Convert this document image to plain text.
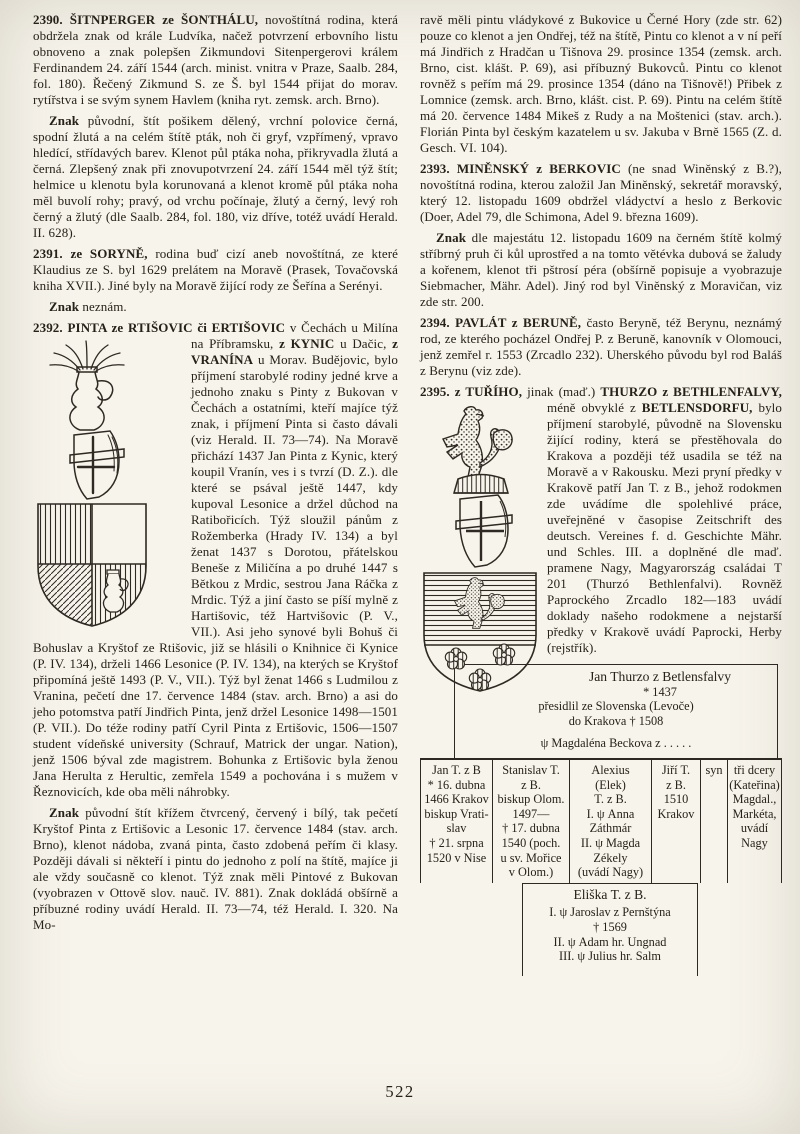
2390. ŠITNPERGER ze ŠONTHÁLU, novoštítná rodina, která obdržela znak od krále Ludvíka, načež potvrzení erbovního listu obnoveno a znak polepšen Zikmundovi Sitenpergerovi králem Ferdinandem 24. září 1544 (arch. minist. vnitra v Praze, Saalb. 284, fol. 180). Řečený Zikmund S. ze Š. byl 1544 přijat do morav. rytířstva i se svým synem Havlem (kniha ryt. zemsk. arch. Brno).

Znak původní, štít pošikem dělený, vrchní polovice černá, spodní žlutá a na celém štítě pták, noh či gryf, vzpřímený, vpravo hledící, střídavých barev. Klenot půl ptáka noha, přikryvadla žlutá a černá. Zlepšený znak při znovupotvrzení 24. září 1544 měl týž štít; helmice u klenotu byla korunovaná a klenot kromě půl ptáka noha měl buvolí rohy; pravý, od vrchu počínaje, žlutý a černý, levý roh černý a žlutý (dle Saalb. 284, fol. 180, viz dříve, totéž uvádí Herald. II. 628).

2391. ze SORYNĚ, rodina buď cizí aneb novoštítná, ze které Klaudius ze S. byl 1629 prelátem na Moravě (Prasek, Tovačovská kniha XVII.). Jiné byly na Moravě žijící rody ze Šeřína a Serényi.

Znak neznám.

2392. PINTA ze RTIŠOVIC či ERTIŠOVIC v Čechách
u Milína na Příbramsku, z KYNIC u Dačic, z VRANÍNA u Morav. Budějovic, bylo příjmení starobylé rodiny jedné krve a jednoho znaku s Pinty z Bukovan v Čechách a ostatními, kteří majíce týž znak, i příjmení Pinta si často dávali (viz Herald. II. 73—74). Na Moravě přichází 1437 Jan Pinta z Kynic, který koupil Vranín, ves i s tvrzí (D. Z.). dle které se psával ještě 1447, kdy kupoval Lesonice a držel důchod na Ratibořicích. Týž sloužil pánům z Rožemberka (Hrady IV. 134) a byl ženat 1437 s Dorotou, přátelskou Beneše z Miličína a po druhé 1447 s Bětkou z Mrdic, sestrou Jana Ráčka z Mrdic. Týž a jiní často se píší mylně z Hartišovic, též Hartvišovic (P. V., VII.). Asi jeho synové byli Bohuš či Bohuslav a Kryštof ze Rtišovic, již se hlásili o Knihnice či Kynice (P. IV. 134), drželi 1466 Lesonice (P. IV. 134), na kterých se Kryštof připomíná ještě 1493 (P. V., VII.). Týž byl ženat 1466 s Ludmilou z Vranina, pečetí dne 17. července 1484 (stav. arch. Brno) a asi do jeho potomstva patří Jindřich Pinta, jenž držel Lesonice 1498—1501 (P. VII.). Do téže rodiny patří Cyril Pinta z Ertišovic, 1506—1507 student vídeňské university (Schrauf, Matrick der ungar. Nation), jenž 1506 býval zde magistrem. Bohunka z Ertišovic byla ženou Jana Herulta z Herultic, zemřela 1549 a pochována i s mužem v Řeznovicích, kde oba měli náhrobky.

Znak původní štít křížem čtvrcený, červený i bílý, tak pečetí Kryštof Pinta z Ertišovic a Lesonic 17. července 1484 (stav. arch. Brno), klenot nádoba, zvaná pinta, často zdobená peřím či klasy. Později dávali si někteří i pintu do jednoho z polí na štítě, majíce ji ale vždy současně co klenot. Týž znak měli Pintové z Bukovan (vyobrazen v Ottově slov. nauč. IV. 881). Znak dokládá obšírně a příbuzné rodiny uvádí Herald. II. 73—74, též Herald. I. 320. Na Mo-

ravě měli pintu vládykové z Bukovice u Černé Hory (zde str. 62) pouze co klenot a jen Ondřej, též na štítě, Pintu co klenot a v ní peří má Jindřich z Hradčan u Tišnova 29. prosince 1354 (zemsk. arch. Brno, cist. klášt. P. 69), asi příbuzný Bukovců. Pintu co klenot rovněž s peřím má 29. prosince 1354 (dáno na Tišnově!) Přibek z Lomnice (zemsk. arch. Brno, klášt. cist. P. 69). Pintu na celém štítě má 20. července 1484 Mikeš z Rudy a na Moštenici (stav. arch.). Florián Pinta byl českým kazatelem u sv. Jakuba v Brně 1565 (Z. d. Gesch. VI. 104).

2393. MINĚNSKÝ z BERKOVIC (ne snad Winěnský z B.?), novoštítná rodina, kterou založil Jan Miněnský, sekretář moravský, který 12. listopadu 1609 obdržel vládyctví a heslo z Berkovic (Doer, Adel 79, dle Schimona, Adel 9. března 1609).

Znak dle majestátu 12. listopadu 1609 na černém štítě kolmý stříbrný pruh či kůl uprostřed a na tomto větévka dubová se žaludy a kořenem, klenot tři pštrosí péra (obšírně popisuje a vyobrazuje Siebmacher, Mähr. Adel). Jiný rod byl Viněnský z Moravičan, viz zde str. 200.

2394. PAVLÁT z BERUNĚ, často Beryně, též Berynu, neznámý rod, ze kterého pocházel Ondřej P. z Beruně, kanovník v Olomouci, jenž zemřel r. 1553 (Zrcadlo 232). Uherského původu byl rod Baláš z Berynu (viz zde).

2395. z TUŘÍHO, jinak (maď.) THURZO z BETHLENFALVY,
méně obvyklé z BETLENSDORFU, bylo příjmení starobylé, původně na Slovensku žijící rodiny, která se přestěhovala do Krakova a později též usadila se též na Moravě a v Rakousku. Mezi pryní předky v Krakově patří Jan T. z B., jehož rodokmen zde uvádíme dle spolehlivé práce, uveřejněné v časopise Zeitschrift des deutsch. Vereines f. d. Geschichte Mähr. und Schles. III. a doplněné dle maď. pramene Nagy, Magyarország családai T 201 (Thurzó Bethlenfalvi). Rovněž Paprockého Zrcadlo 182—183 uvádí doklady našeho rodokmene a nejstarší předky v Krakově uvádí Paprocki, Herby (rejstřík).
Jan Thurzo z Betlensfalvy
* 1437
přesidlil ze Slovenska (Levoče)
do Krakova † 1508
ψ Magdaléna Beckova z . . . . .
Jan T. z B
* 16. dubna
1466 Krakov
biskup Vrati-
slav
† 21. srpna
1520 v Nise
Stanislav T.
z B.
biskup Olom.
1497—
† 17. dubna
1540 (poch.
u sv. Mořice
v Olom.)
Alexius
(Elek)
T. z B.
I. ψ Anna
Záthmár
II. ψ Magda
Zékely
(uvádí Nagy)
Jiří T.
z B.
1510
Krakov
syn tři dcery
(Kateřina)
Magdal.,
Markéta,
uvádí
Nagy
Eliška T. z B.
I. ψ Jaroslav z Pernštýna
† 1569
II. ψ Adam hr. Ungnad
III. ψ Julius hr. Salm
522
